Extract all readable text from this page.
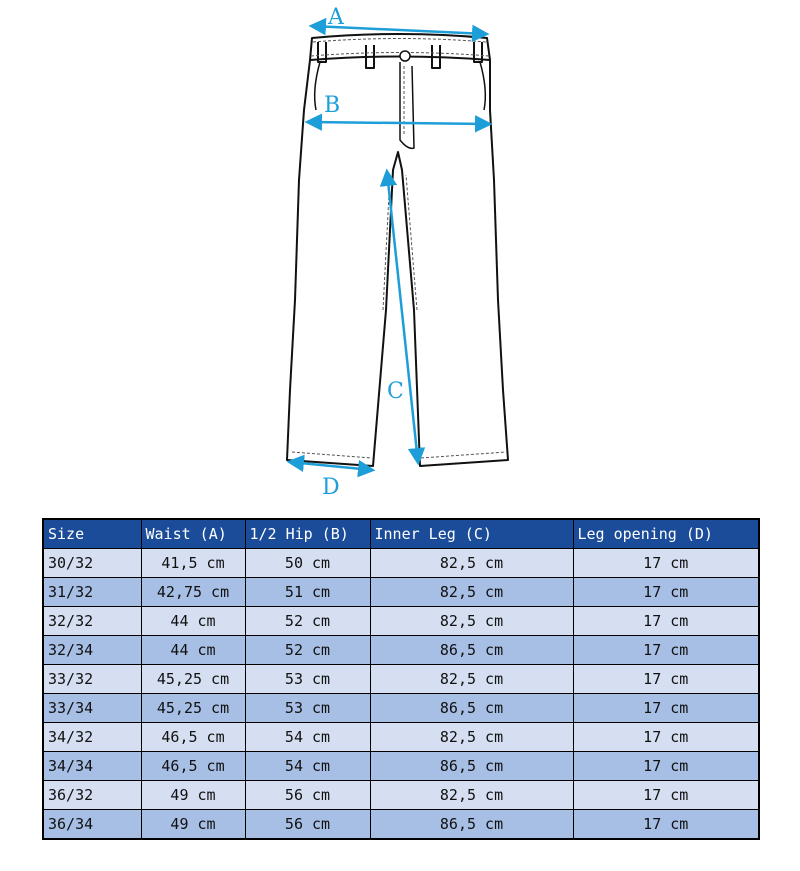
A
B
C
D
Size	Waist (A)	1/2 Hip (B)	Inner Leg (C)	Leg opening (D)
30/32	41,5 cm	50 cm	82,5 cm	17 cm
31/32	42,75 cm	51 cm	82,5 cm	17 cm
32/32	44 cm	52 cm	82,5 cm	17 cm
32/34	44 cm	52 cm	86,5 cm	17 cm
33/32	45,25 cm	53 cm	82,5 cm	17 cm
33/34	45,25 cm	53 cm	86,5 cm	17 cm
34/32	46,5 cm	54 cm	82,5 cm	17 cm
34/34	46,5 cm	54 cm	86,5 cm	17 cm
36/32	49 cm	56 cm	82,5 cm	17 cm
36/34	49 cm	56 cm	86,5 cm	17 cm
